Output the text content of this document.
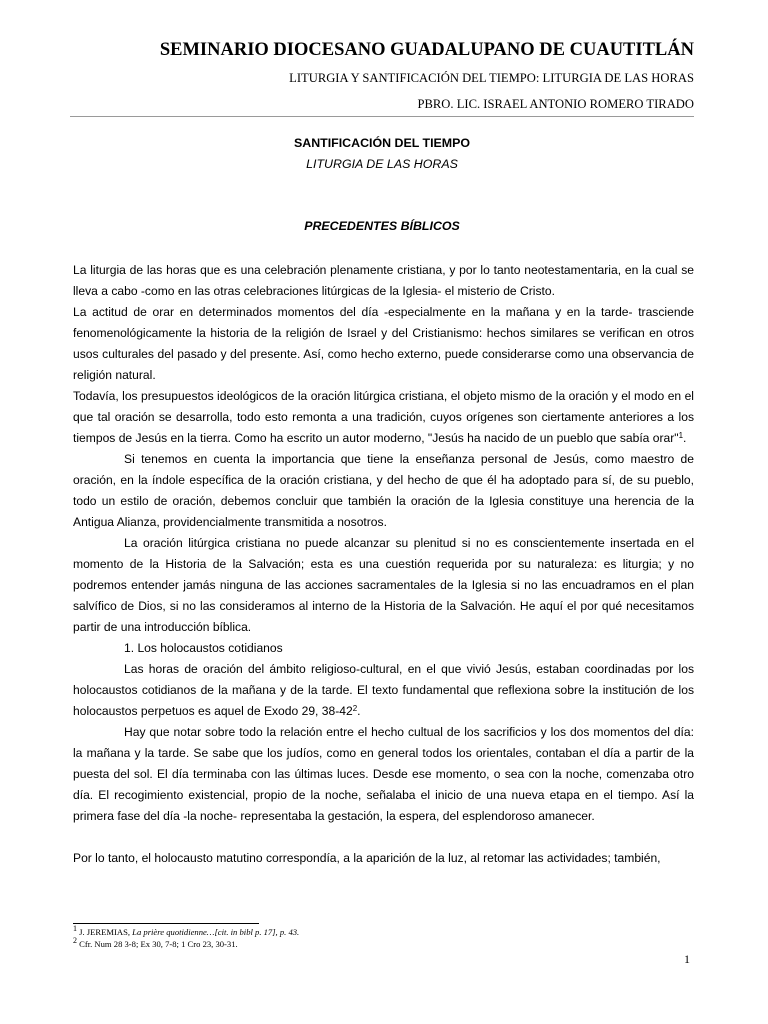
SEMINARIO DIOCESANO GUADALUPANO DE CUAUTITLÁN
LITURGIA Y SANTIFICACIÓN DEL TIEMPO: LITURGIA DE LAS HORAS
PBRO. LIC. ISRAEL ANTONIO ROMERO TIRADO
SANTIFICACIÓN DEL TIEMPO
LITURGIA DE LAS HORAS
PRECEDENTES BÍBLICOS

La liturgia de las horas que es una celebración plenamente cristiana, y por lo tanto neotestamentaria, en la cual se lleva a cabo -como en las otras celebraciones litúrgicas de la Iglesia- el misterio de Cristo.

La actitud de orar en determinados momentos del día -especialmente en la mañana y en la tarde- trasciende fenomenológicamente la historia de la religión de Israel y del Cristianismo: hechos similares se verifican en otros usos culturales del pasado y del presente. Así, como hecho externo, puede considerarse como una observancia de religión natural.

Todavía, los presupuestos ideológicos de la oración litúrgica cristiana, el objeto mismo de la oración y el modo en el que tal oración se desarrolla, todo esto remonta a una tradición, cuyos orígenes son ciertamente anteriores a los tiempos de Jesús en la tierra. Como ha escrito un autor moderno, "Jesús ha nacido de un pueblo que sabía orar"$^1$.

Si tenemos en cuenta la importancia que tiene la enseñanza personal de Jesús, como maestro de oración, en la índole específica de la oración cristiana, y del hecho de que él ha adoptado para sí, de su pueblo, todo un estilo de oración, debemos concluir que también la oración de la Iglesia constituye una herencia de la Antigua Alianza, providencialmente transmitida a nosotros.

La oración litúrgica cristiana no puede alcanzar su plenitud si no es conscientemente insertada en el momento de la Historia de la Salvación; esta es una cuestión requerida por su naturaleza: es liturgia; y no podremos entender jamás ninguna de las acciones sacramentales de la Iglesia si no las encuadramos en el plan salvífico de Dios, si no las consideramos al interno de la Historia de la Salvación. He aquí el por qué necesitamos partir de una introducción bíblica.

1. Los holocaustos cotidianos

Las horas de oración del ámbito religioso-cultural, en el que vivió Jesús, estaban coordinadas por los holocaustos cotidianos de la mañana y de la tarde. El texto fundamental que reflexiona sobre la institución de los holocaustos perpetuos es aquel de Exodo 29, $38-42^2$.

Hay que notar sobre todo la relación entre el hecho cultual de los sacrificios y los dos momentos del día: la mañana y la tarde. Se sabe que los judíos, como en general todos los orientales, contaban el día a partir de la puesta del sol. El día terminaba con las últimas luces. Desde ese momento, o sea con la noche, comenzaba otro día. El recogimiento existencial, propio de la noche, señalaba el inicio de una nueva etapa en el tiempo. Así la primera fase del día -la noche- representaba la gestación, la espera, del esplendoroso amanecer.

Por lo tanto, el holocausto matutino correspondía, a la aparición de la luz, al retomar las actividades; también,

$^1$ J. JEREMIAS, La prière quotidienne…[cit. in bibl p. 17], p. 43.
$^2$ Cfr. Num 28 3-8; Ex 30, 7-8; 1 Cro 23, 30-31.
1
